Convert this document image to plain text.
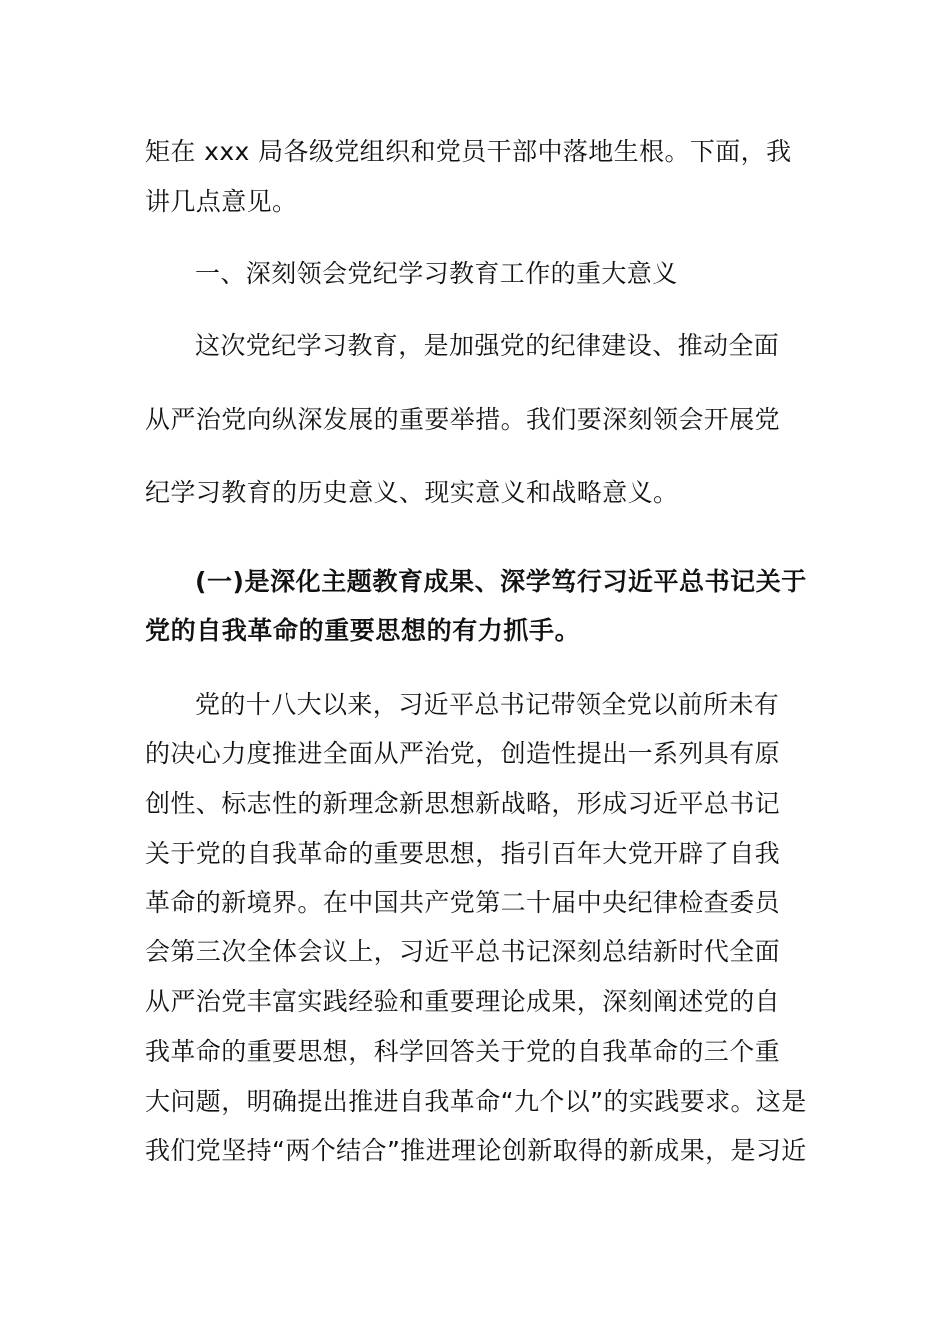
矩在 xxx 局各级党组织和党员干部中落地生根。下面，我
讲几点意见。
一、深刻领会党纪学习教育工作的重大意义
这次党纪学习教育，是加强党的纪律建设、推动全面
从严治党向纵深发展的重要举措。我们要深刻领会开展党
纪学习教育的历史意义、现实意义和战略意义。
(一)是深化主题教育成果、深学笃行习近平总书记关于
党的自我革命的重要思想的有力抓手。
党的十八大以来，习近平总书记带领全党以前所未有
的决心力度推进全面从严治党，创造性提出一系列具有原
创性、标志性的新理念新思想新战略，形成习近平总书记
关于党的自我革命的重要思想，指引百年大党开辟了自我
革命的新境界。在中国共产党第二十届中央纪律检查委员
会第三次全体会议上，习近平总书记深刻总结新时代全面
从严治党丰富实践经验和重要理论成果，深刻阐述党的自
我革命的重要思想，科学回答关于党的自我革命的三个重
大问题，明确提出推进自我革命“九个以”的实践要求。这是
我们党坚持“两个结合”推进理论创新取得的新成果，是习近
